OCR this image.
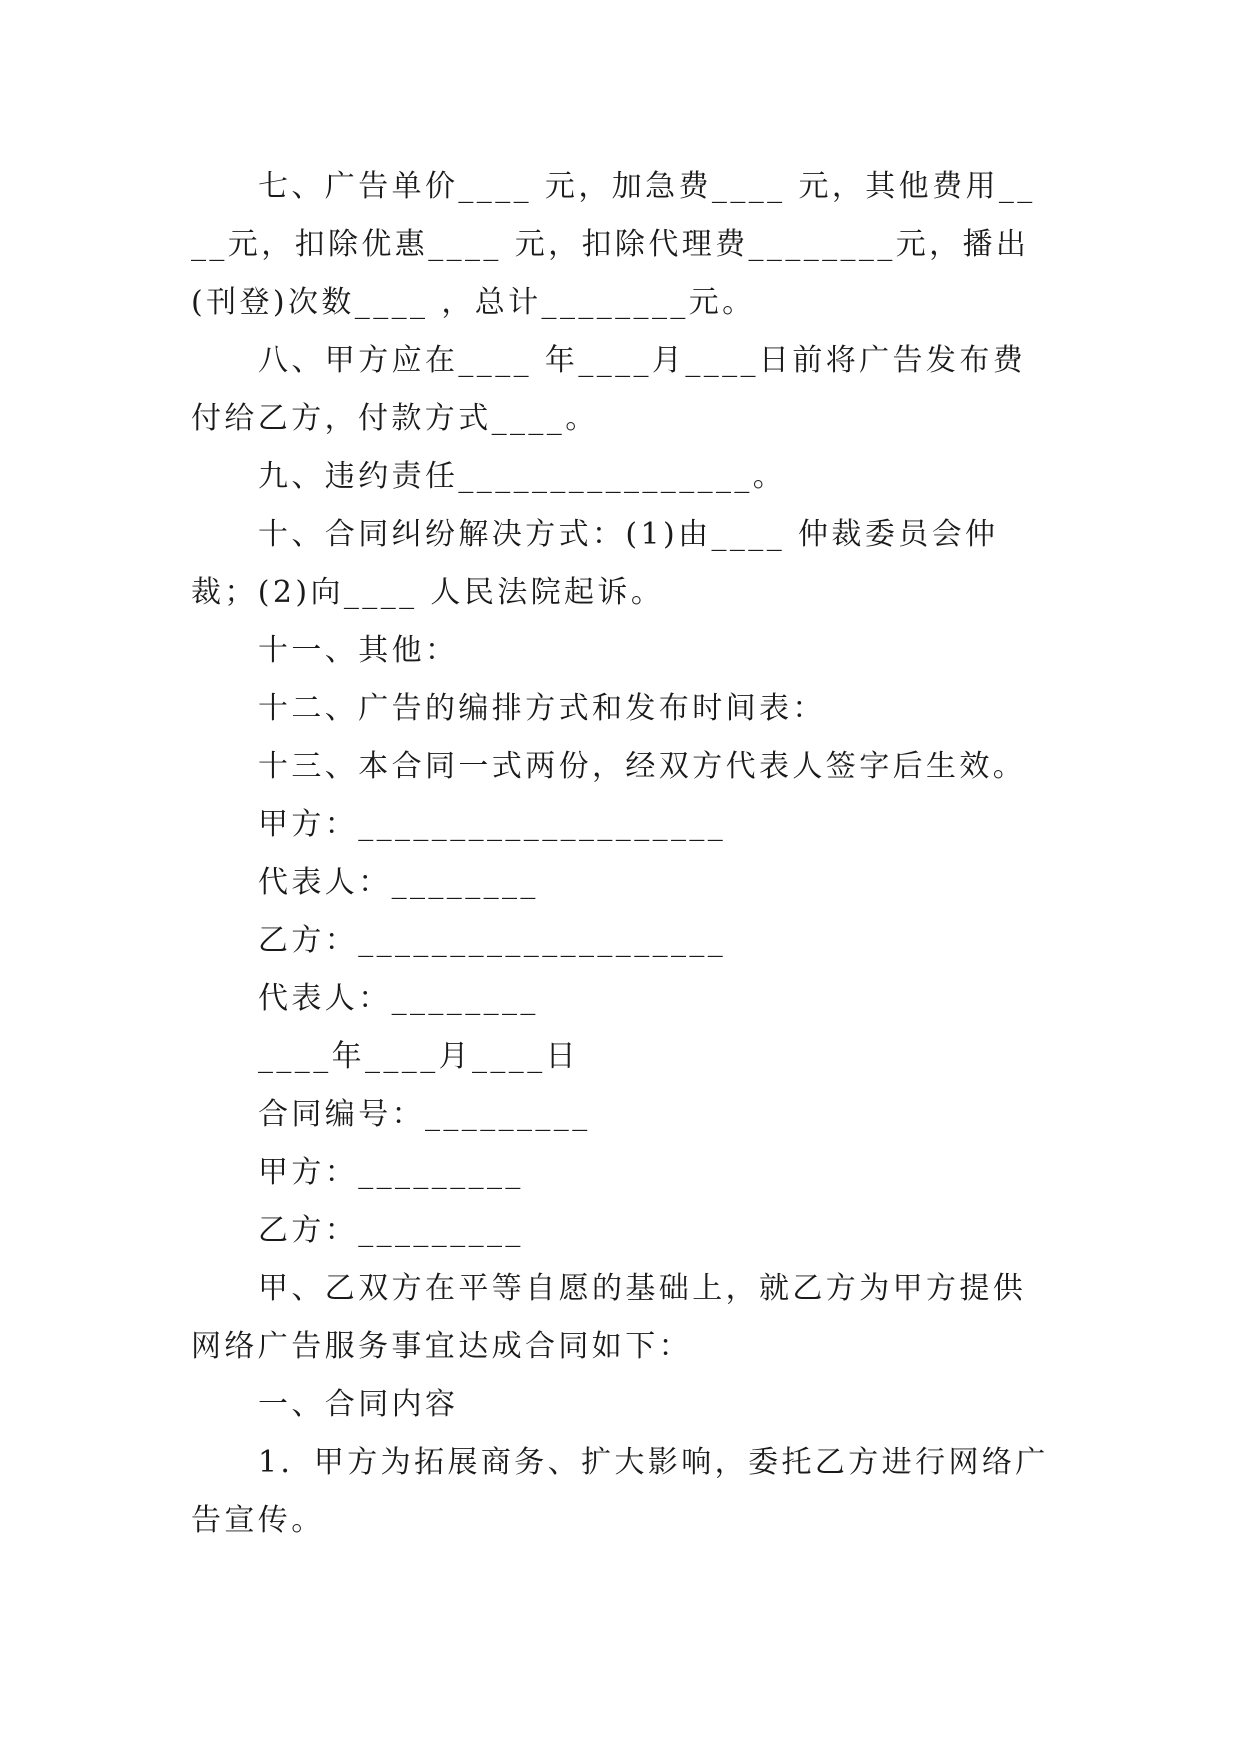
七、广告单价____ 元，加急费____ 元，其他费用____元，扣除优惠____ 元，扣除代理费________元，播出(刊登)次数____ ，总计________元。

八、甲方应在____ 年____月____日前将广告发布费付给乙方，付款方式____。

九、违约责任________________。

十、合同纠纷解决方式：(1)由____ 仲裁委员会仲裁；(2)向____ 人民法院起诉。

十一、其他：

十二、广告的编排方式和发布时间表：

十三、本合同一式两份，经双方代表人签字后生效。

甲方：____________________

代表人：________

乙方：____________________

代表人：________

____年____月____日

合同编号：_________

甲方：_________

乙方：_________

甲、乙双方在平等自愿的基础上，就乙方为甲方提供网络广告服务事宜达成合同如下：

一、合同内容

1．甲方为拓展商务、扩大影响，委托乙方进行网络广告宣传。
